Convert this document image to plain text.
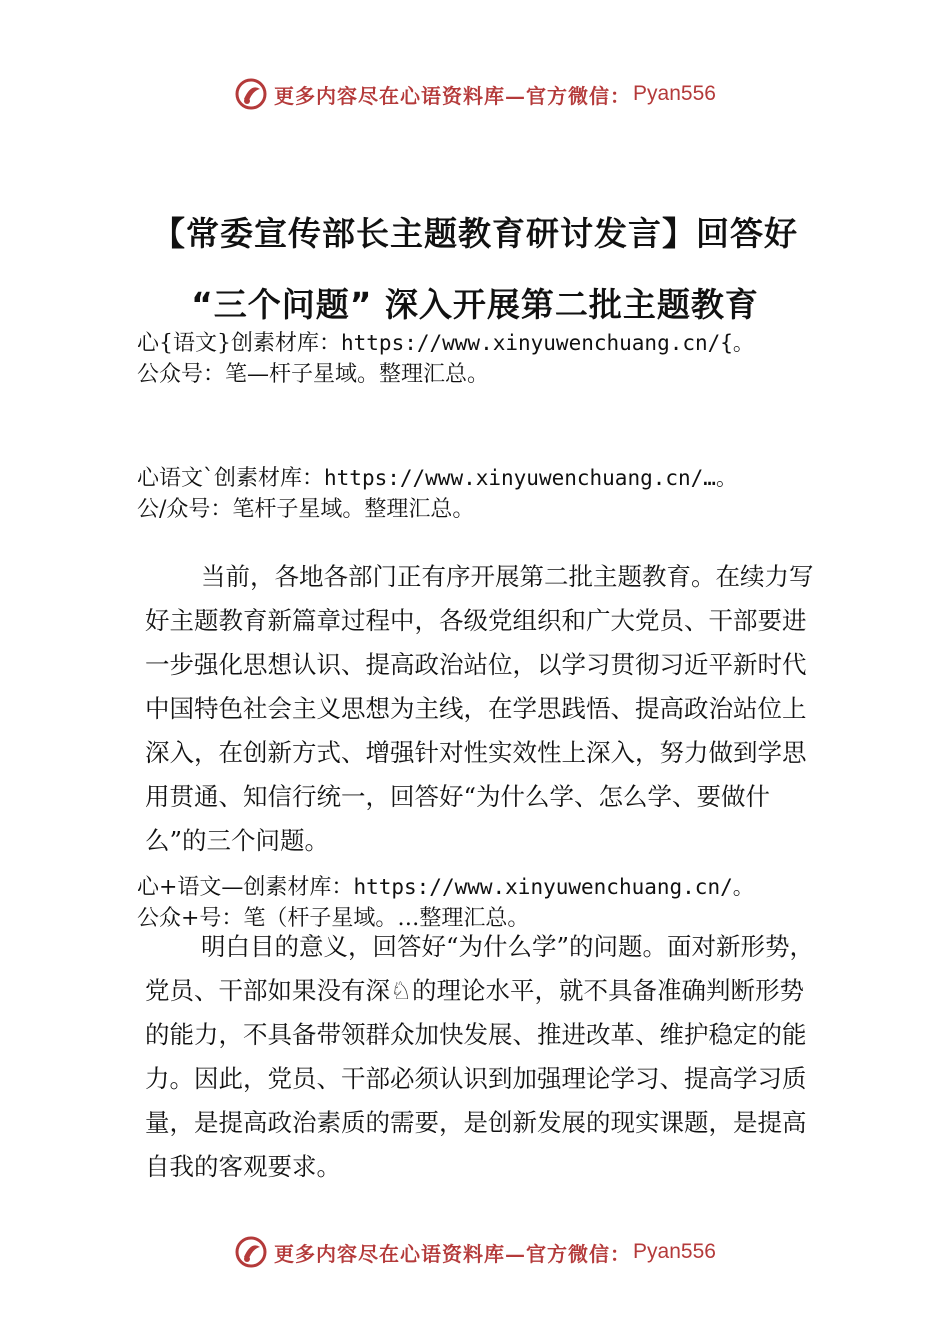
更多内容尽在心语资料库—官方微信： Pyan556
【常委宣传部长主题教育研讨发言】回答好
“三个问题” 深入开展第二批主题教育
心{语文}创素材库：https://www.xinyuwenchuang.cn/{。
公众号：笔—杆子星域。整理汇总。
心语文`创素材库：https://www.xinyuwenchuang.cn/…。
公/众号：笔杆子星域。整理汇总。
当前，各地各部门正有序开展第二批主题教育。在续力写好主题教育新篇章过程中，各级党组织和广大党员、干部要进一步强化思想认识、提高政治站位，以学习贯彻习近平新时代中国特色社会主义思想为主线，在学思践悟、提高政治站位上深入，在创新方式、增强针对性实效性上深入，努力做到学思用贯通、知信行统一，回答好“为什么学、怎么学、要做什么”的三个问题。
心+语文—创素材库：https://www.xinyuwenchuang.cn/。
公众+号：笔（杆子星域。…整理汇总。
明白目的意义，回答好“为什么学”的问题。面对新形势，党员、干部如果没有深♘的理论水平，就不具备准确判断形势的能力，不具备带领群众加快发展、推进改革、维护稳定的能力。因此，党员、干部必须认识到加强理论学习、提高学习质量，是提高政治素质的需要，是创新发展的现实课题，是提高自我的客观要求。
更多内容尽在心语资料库—官方微信： Pyan556
